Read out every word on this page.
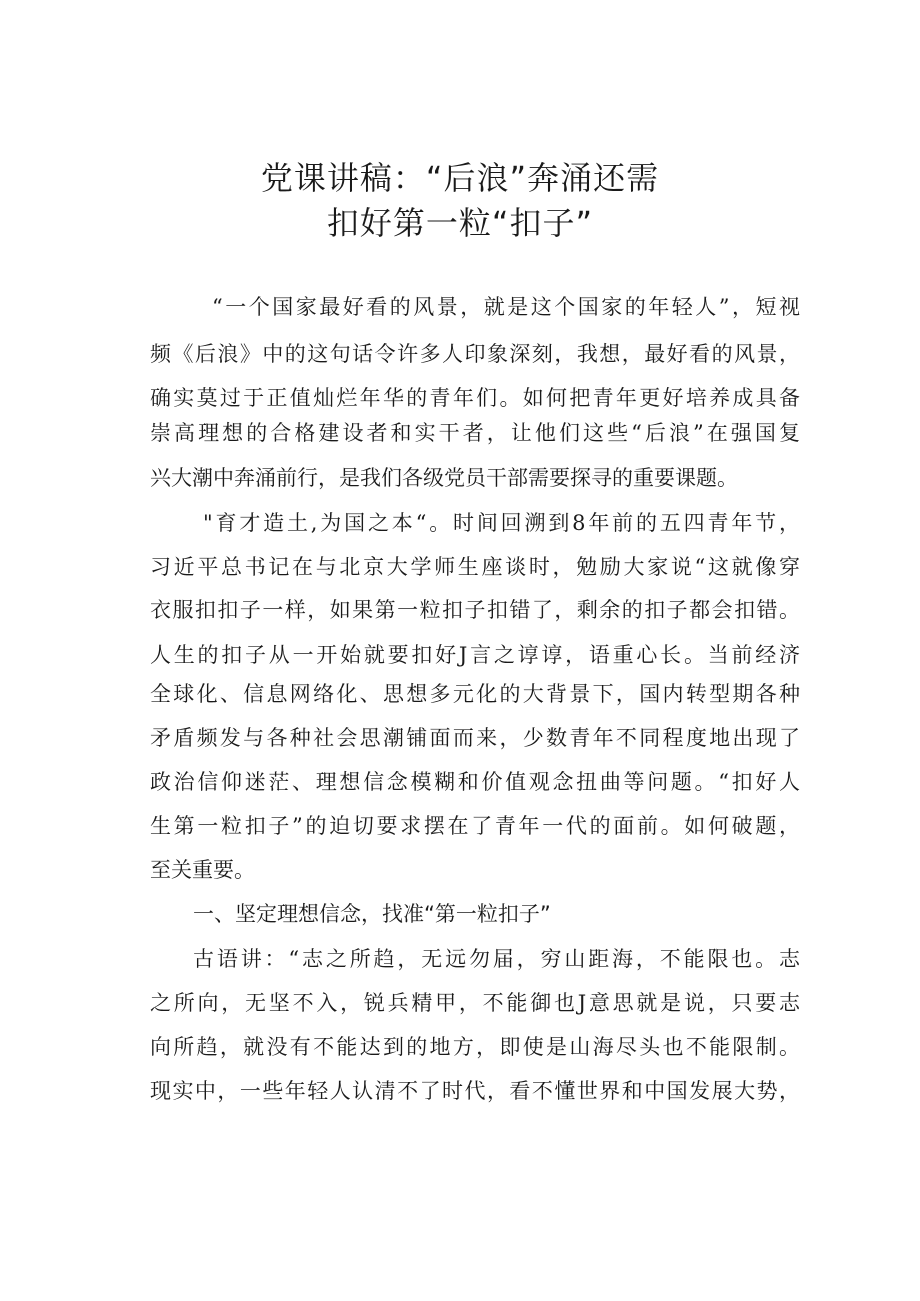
党课讲稿：“后浪”奔涌还需
扣好第一粒“扣子”
“一个国家最好看的风景，就是这个国家的年轻人”，短视
频《后浪》中的这句话令许多人印象深刻，我想，最好看的风景，
确实莫过于正值灿烂年华的青年们。如何把青年更好培养成具备
崇高理想的合格建设者和实干者，让他们这些“后浪”在强国复
兴大潮中奔涌前行，是我们各级党员干部需要探寻的重要课题。
"育才造土,为国之本“。时间回溯到8年前的五四青年节，
习近平总书记在与北京大学师生座谈时，勉励大家说“这就像穿
衣服扣扣子一样，如果第一粒扣子扣错了，剩余的扣子都会扣错。
人生的扣子从一开始就要扣好J言之谆谆，语重心长。当前经济
全球化、信息网络化、思想多元化的大背景下，国内转型期各种
矛盾频发与各种社会思潮铺面而来，少数青年不同程度地出现了
政治信仰迷茫、理想信念模糊和价值观念扭曲等问题。“扣好人
生第一粒扣子”的迫切要求摆在了青年一代的面前。如何破题，
至关重要。
一、坚定理想信念，找准“第一粒扣子”
古语讲：“志之所趋，无远勿届，穷山距海，不能限也。志
之所向，无坚不入，锐兵精甲，不能御也J意思就是说，只要志
向所趋，就没有不能达到的地方，即使是山海尽头也不能限制。
现实中，一些年轻人认清不了时代，看不懂世界和中国发展大势，
